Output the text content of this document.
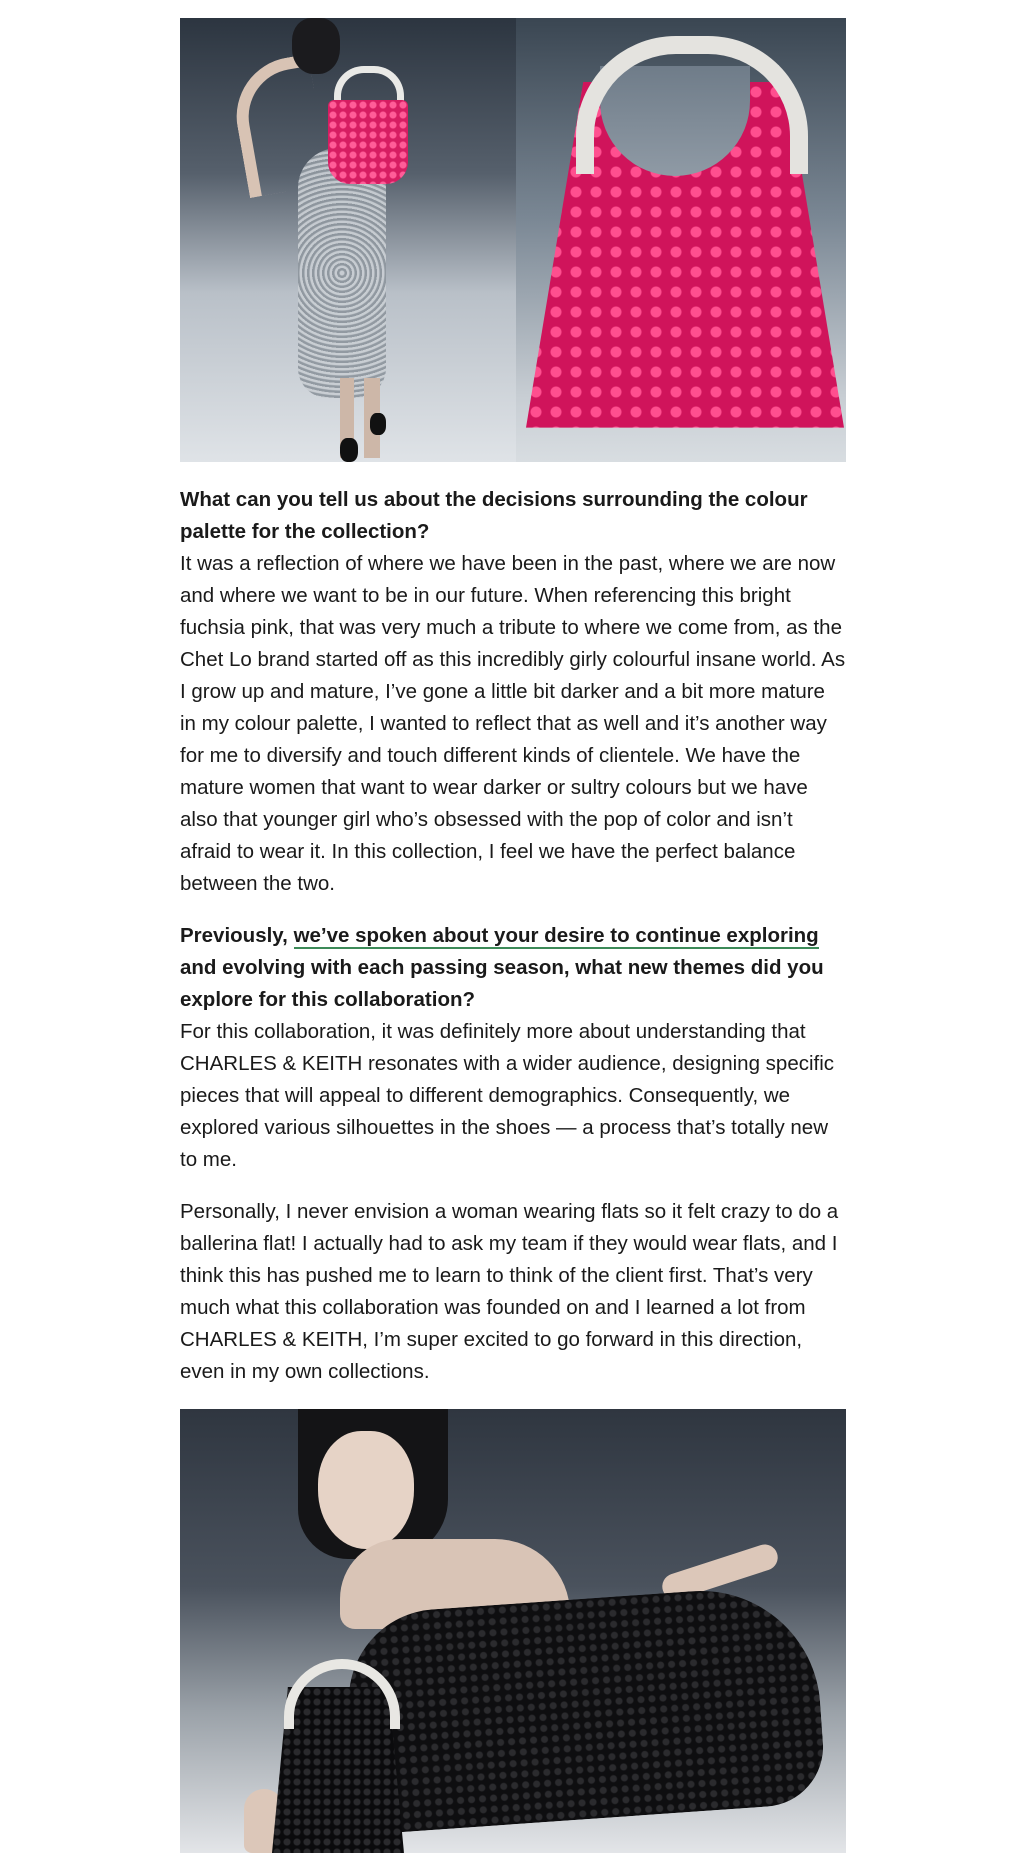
What can you tell us about the decisions surrounding the colour palette for the collection?

It was a reflection of where we have been in the past, where we are now and where we want to be in our future. When referencing this bright fuchsia pink, that was very much a tribute to where we come from, as the Chet Lo brand started off as this incredibly girly colourful insane world. As I grow up and mature, I’ve gone a little bit darker and a bit more mature in my colour palette, I wanted to reflect that as well and it’s another way for me to diversify and touch different kinds of clientele. We have the mature women that want to wear darker or sultry colours but we have also that younger girl who’s obsessed with the pop of color and isn’t afraid to wear it. In this collection, I feel we have the perfect balance between the two.

Previously, we’ve spoken about your desire to continue exploring and evolving with each passing season, what new themes did you explore for this collaboration?

For this collaboration, it was definitely more about understanding that CHARLES & KEITH resonates with a wider audience, designing specific pieces that will appeal to different demographics. Consequently, we explored various silhouettes in the shoes — a process that’s totally new to me.

Personally, I never envision a woman wearing flats so it felt crazy to do a ballerina flat! I actually had to ask my team if they would wear flats, and I think this has pushed me to learn to think of the client first. That’s very much what this collaboration was founded on and I learned a lot from CHARLES & KEITH, I’m super excited to go forward in this direction, even in my own collections.
